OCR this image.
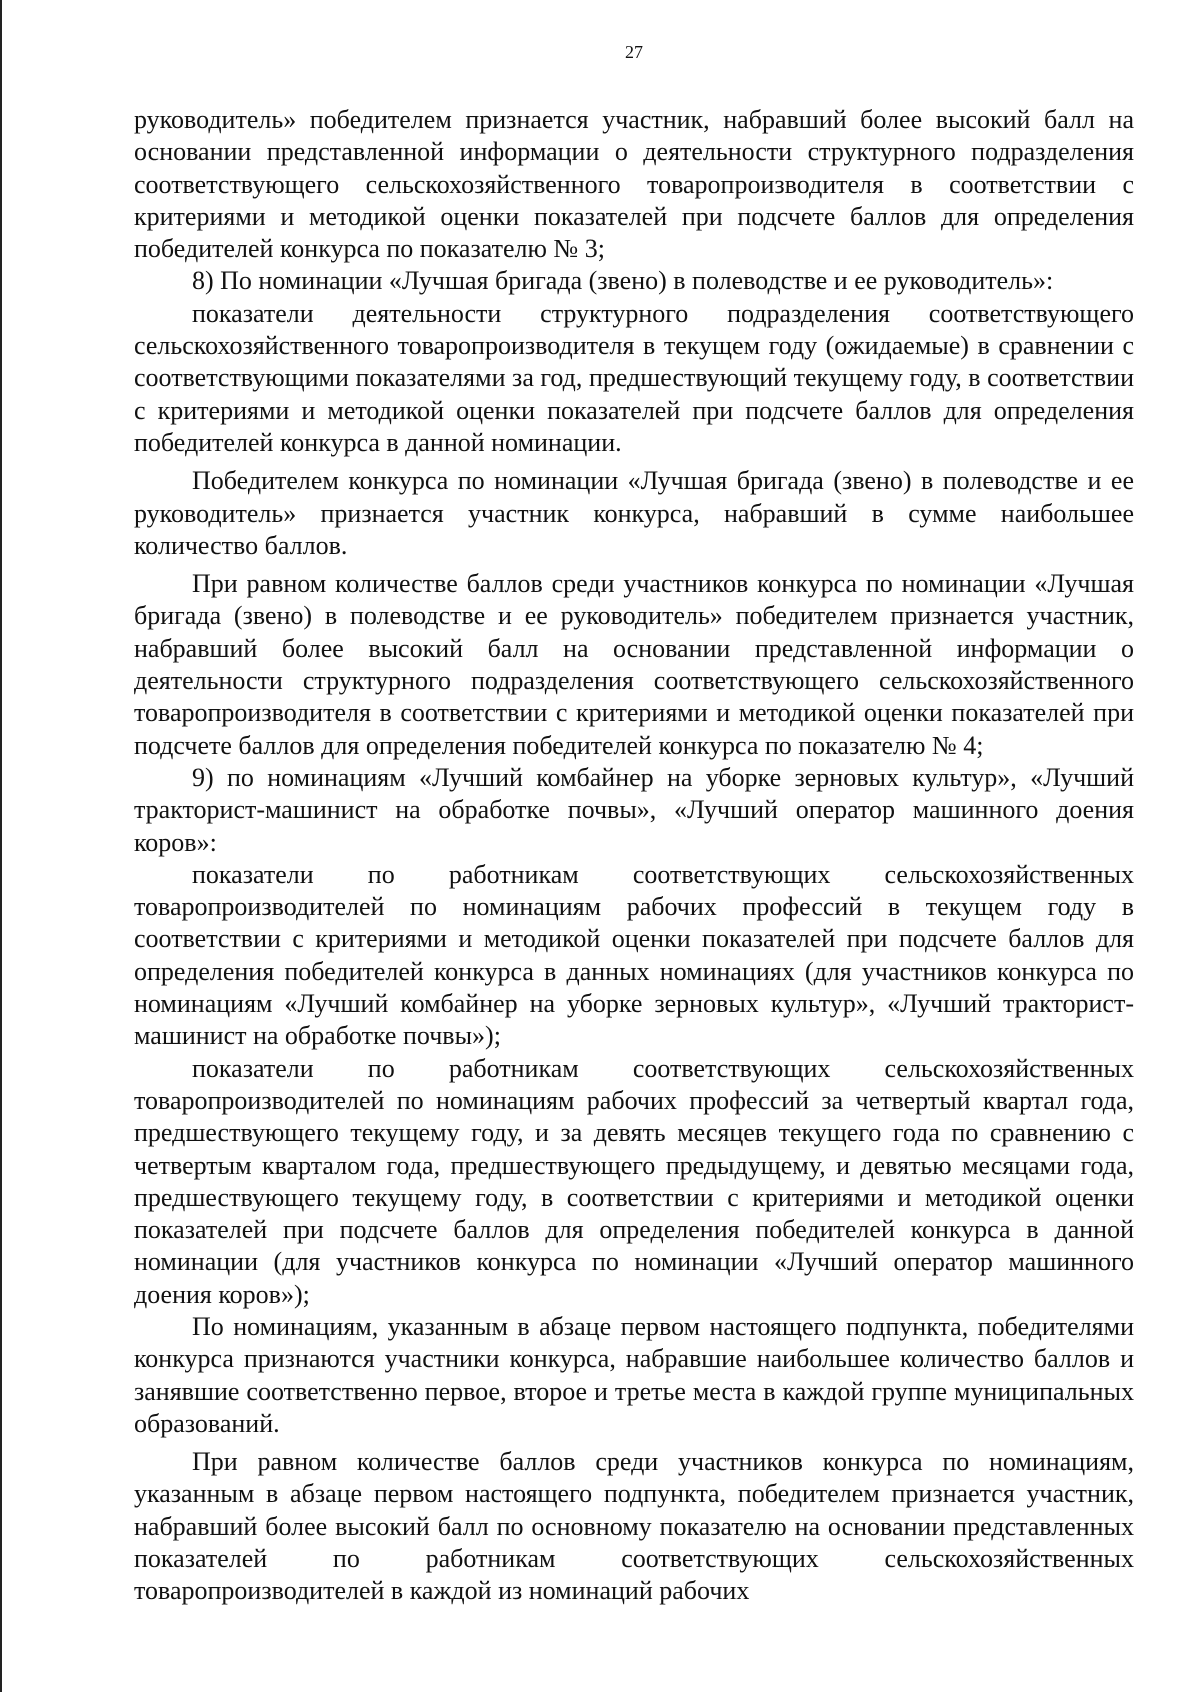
27

руководитель» победителем признается участник, набравший более высокий балл на основании представленной информации о деятельности структурного подразделения соответствующего сельскохозяйственного товаропроизводителя в соответствии с критериями и методикой оценки показателей при подсчете баллов для определения победителей конкурса по показателю № 3;

8) По номинации «Лучшая бригада (звено) в полеводстве и ее руководитель»:

показатели деятельности структурного подразделения соответствующего сельскохозяйственного товаропроизводителя в текущем году (ожидаемые) в сравнении с соответствующими показателями за год, предшествующий текущему году, в соответствии с критериями и методикой оценки показателей при подсчете баллов для определения победителей конкурса в данной номинации.

Победителем конкурса по номинации «Лучшая бригада (звено) в полеводстве и ее руководитель» признается участник конкурса, набравший в сумме наибольшее количество баллов.

При равном количестве баллов среди участников конкурса по номинации «Лучшая бригада (звено) в полеводстве и ее руководитель» победителем признается участник, набравший более высокий балл на основании представленной информации о деятельности структурного подразделения соответствующего сельскохозяйственного товаропроизводителя в соответствии с критериями и методикой оценки показателей при подсчете баллов для определения победителей конкурса по показателю № 4;

9) по номинациям «Лучший комбайнер на уборке зерновых культур», «Лучший тракторист-машинист на обработке почвы», «Лучший оператор машинного доения коров»:

показатели по работникам соответствующих сельскохозяйственных товаропроизводителей по номинациям рабочих профессий в текущем году в соответствии с критериями и методикой оценки показателей при подсчете баллов для определения победителей конкурса в данных номинациях (для участников конкурса по номинациям «Лучший комбайнер на уборке зерновых культур», «Лучший тракторист-машинист на обработке почвы»);

показатели по работникам соответствующих сельскохозяйственных товаропроизводителей по номинациям рабочих профессий за четвертый квартал года, предшествующего текущему году, и за девять месяцев текущего года по сравнению с четвертым кварталом года, предшествующего предыдущему, и девятью месяцами года, предшествующего текущему году, в соответствии с критериями и методикой оценки показателей при подсчете баллов для определения победителей конкурса в данной номинации (для участников конкурса по номинации «Лучший оператор машинного доения коров»);

По номинациям, указанным в абзаце первом настоящего подпункта, победителями конкурса признаются участники конкурса, набравшие наибольшее количество баллов и занявшие соответственно первое, второе и третье места в каждой группе муниципальных образований.

При равном количестве баллов среди участников конкурса по номинациям, указанным в абзаце первом настоящего подпункта, победителем признается участник, набравший более высокий балл по основному показателю на основании представленных показателей по работникам соответствующих сельскохозяйственных товаропроизводителей в каждой из номинаций рабочих
